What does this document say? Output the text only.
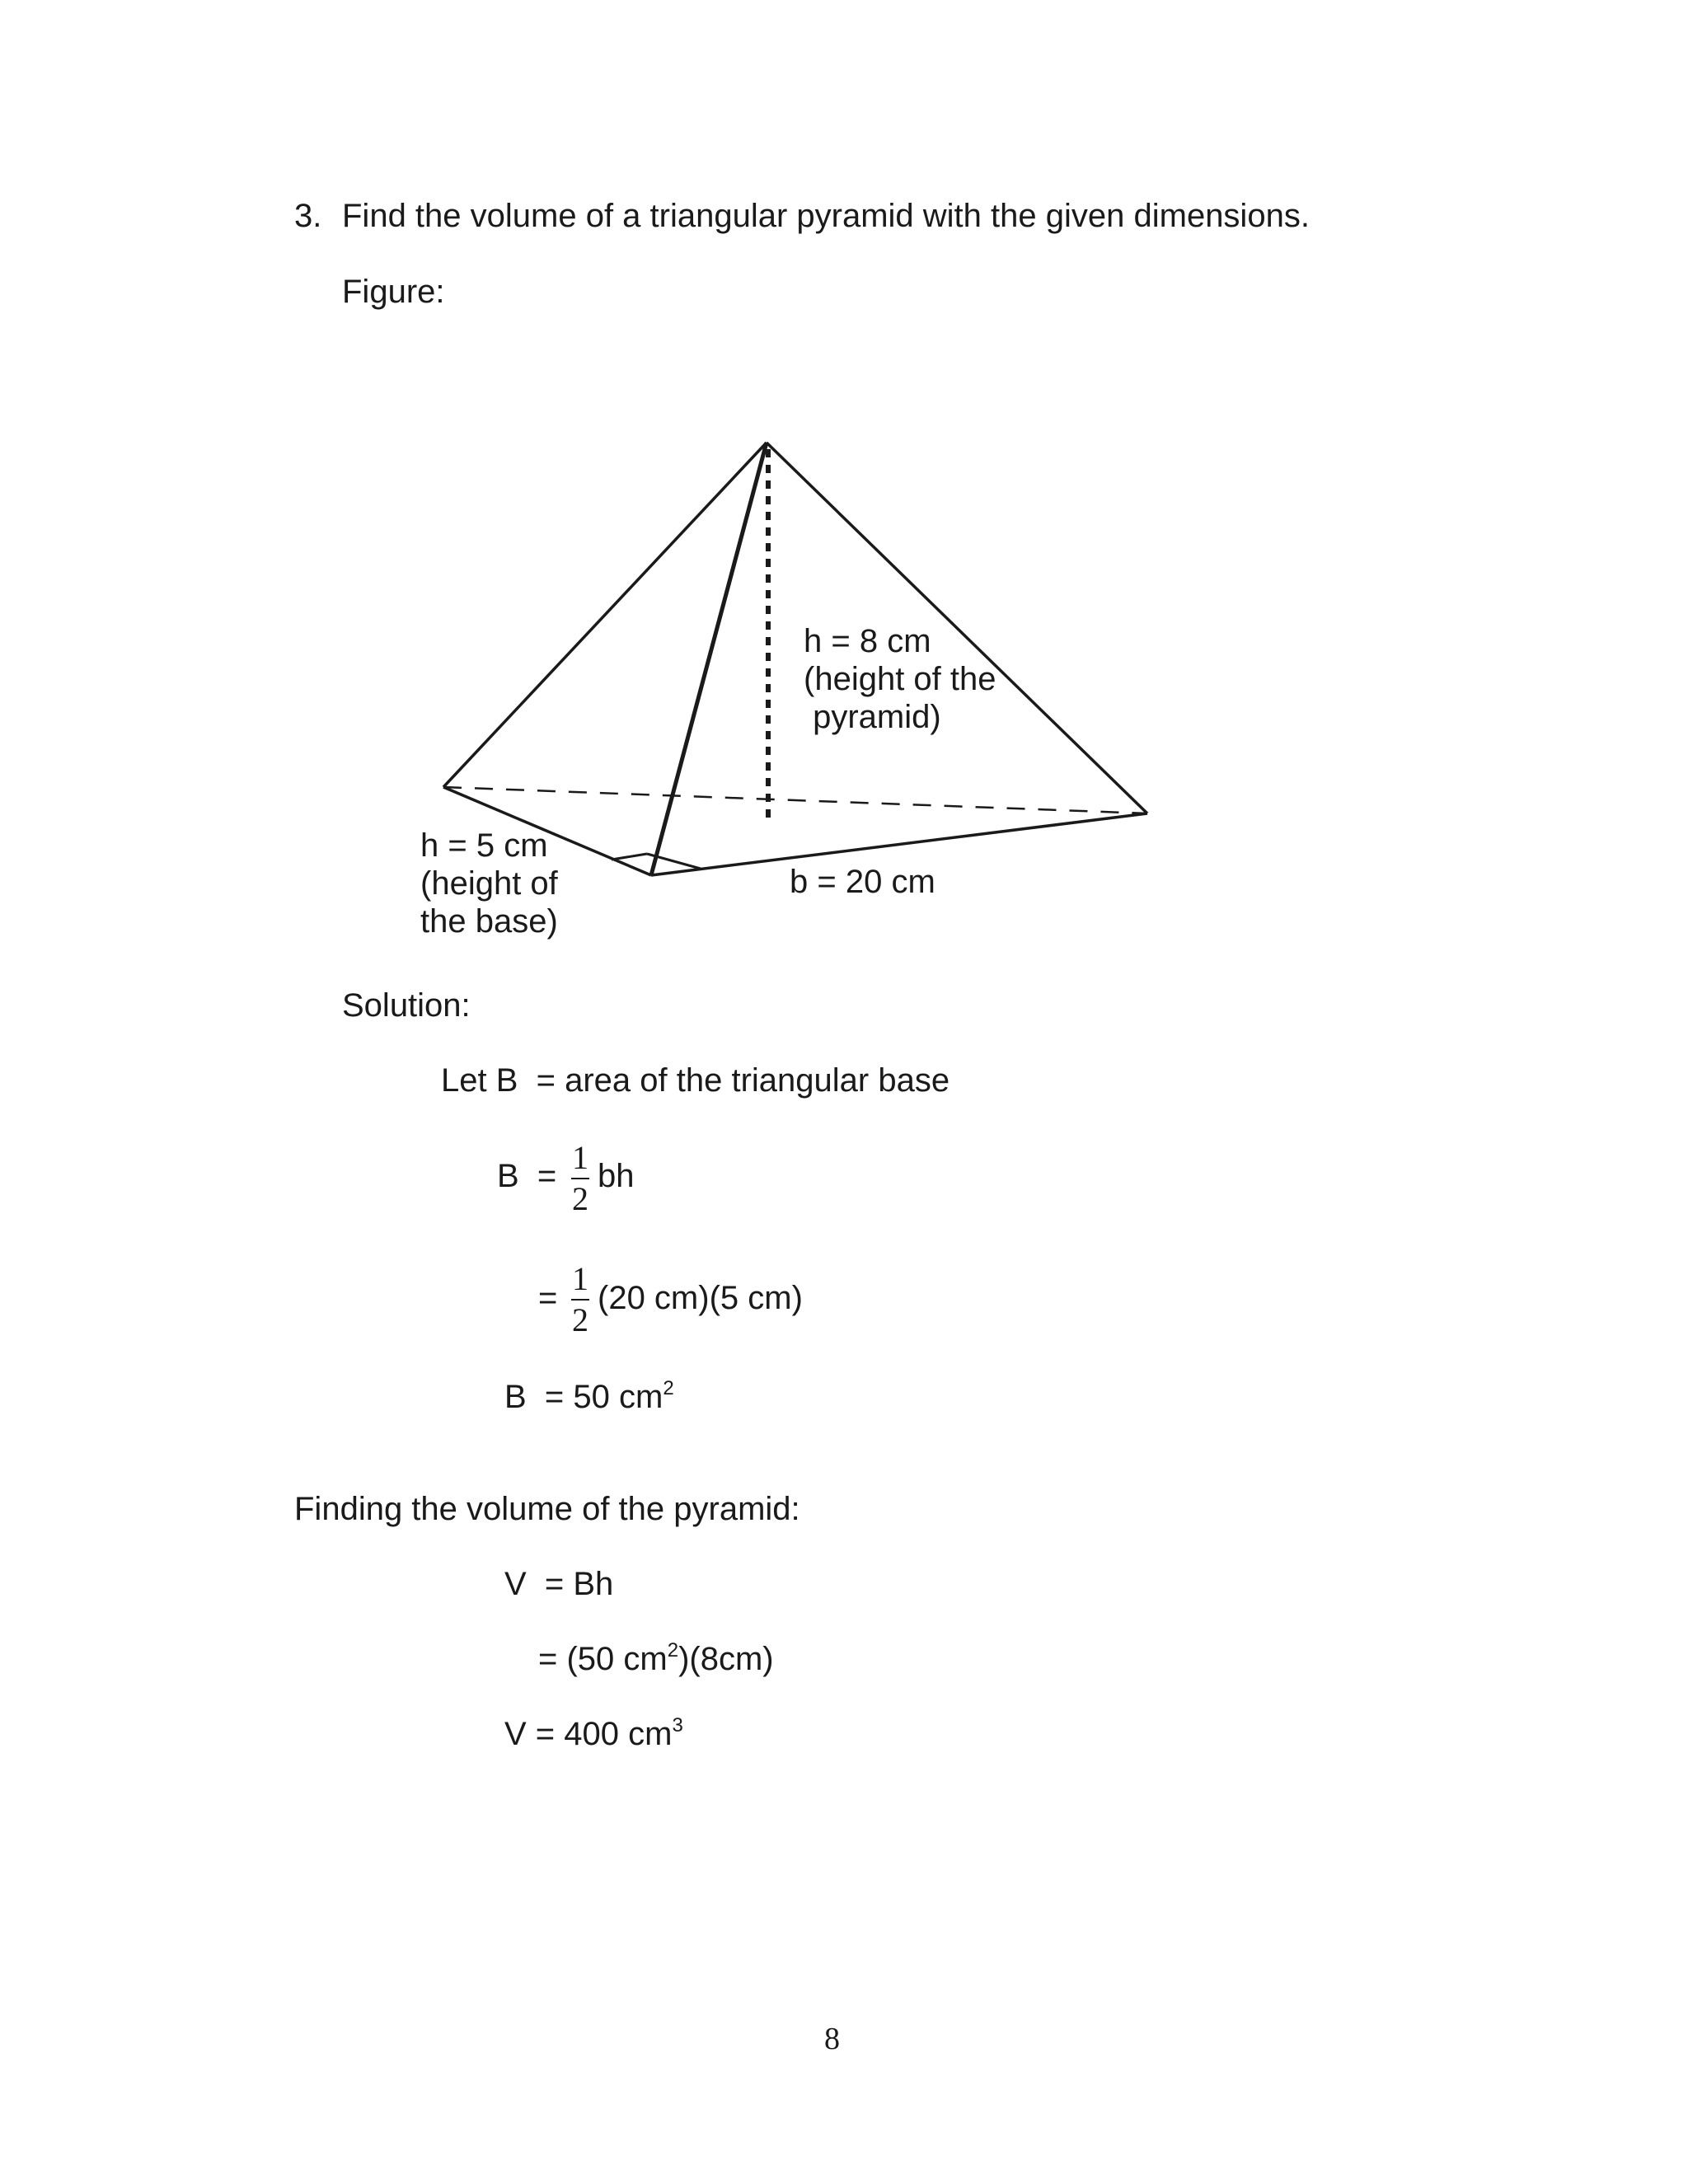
3. Find the volume of a triangular pyramid with the given dimensions.
Figure:
h = 8 cm
(height of the
pyramid)
h = 5 cm
(height of
the base)
b = 20 cm
Solution:
Let B  = area of the triangular base
B  = 1
2
bh
=
1
2
(20 cm)(5 cm)
B  = 50 $cm^2$
Finding the volume of the pyramid:
V  = Bh
= (50 $cm^2)(8cm)$
V = 400 $cm^3$
8
